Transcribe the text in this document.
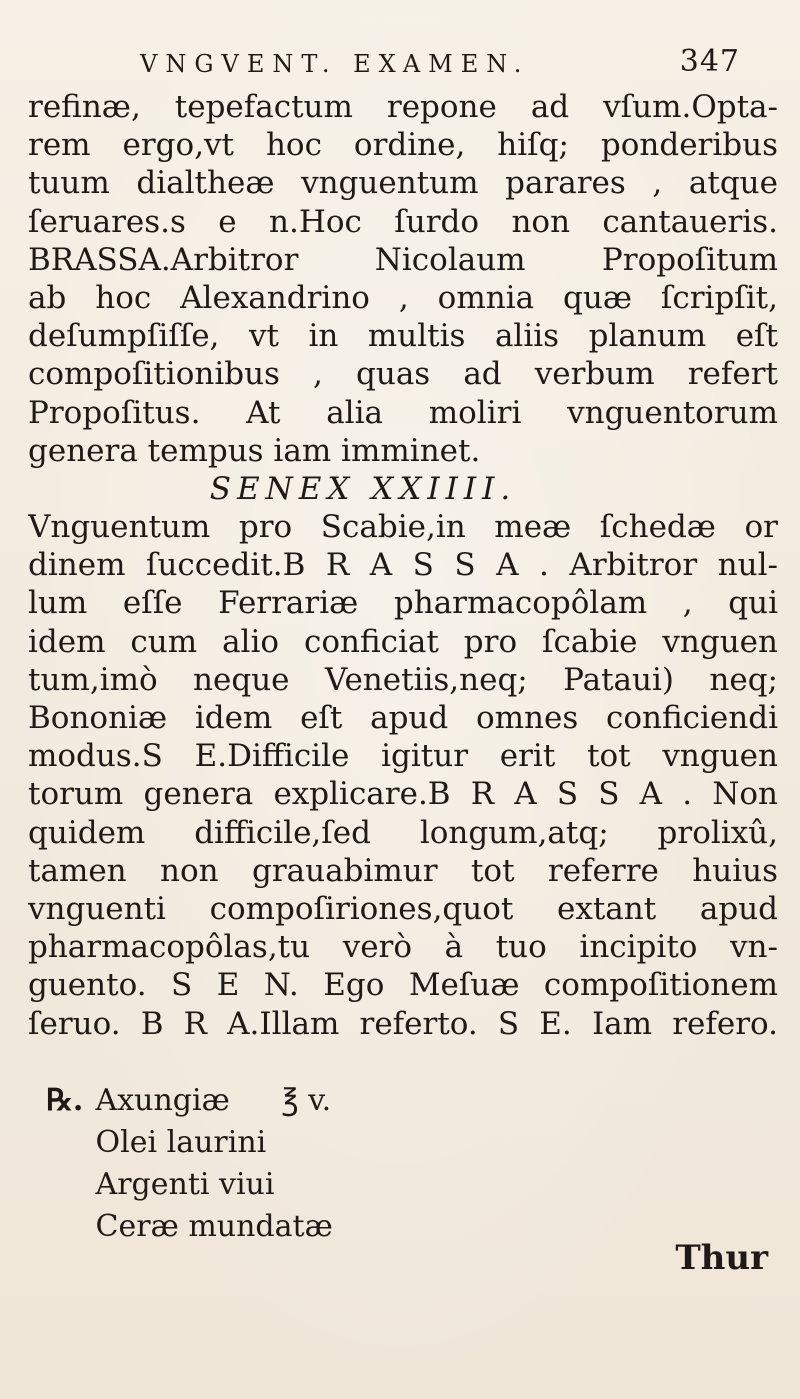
VNGVENT. EXAMEN.	347
refinæ, tepefactum repone ad vſum.Opta-
rem ergo,vt hoc ordine, hiſq; ponderibus
tuum dialtheæ vnguentum parares , atque
ſeruares.s e n.Hoc ſurdo non cantaueris.
BRASSA.Arbitror Nicolaum Propoſitum
ab hoc Alexandrino , omnia quæ ſcripſit,
deſumpſiſſe, vt in multis aliis planum eſt
compoſitionibus , quas ad verbum refert
Propoſitus. At alia moliri vnguentorum
genera tempus iam imminet.
SENEX XXIIII.
Vnguentum pro Scabie,in meæ ſchedæ or
dinem ſuccedit.B R A S S A . Arbitror nul-
lum eſſe Ferrariæ pharmacopôlam , qui
idem cum alio conficiat pro ſcabie vnguen
tum,imò neque Venetiis,neq; Pataui) neq;
Bononiæ idem eſt apud omnes conficiendi
modus.S E.Difficile igitur erit tot vnguen
torum genera explicare.B R A S S A . Non
quidem difficile,ſed longum,atq; prolixû,
tamen non grauabimur tot referre huius
vnguenti compoſiriones,quot extant apud
pharmacopôlas,tu verò à tuo incipito vn-
guento. S E N. Ego Meſuæ compoſitionem
ſeruo. B R A.Illam referto. S E. Iam refero.
℞. Axungiæ ℥ v.
Olei laurini
Argenti viui
Ceræ mundatæ
Thur
